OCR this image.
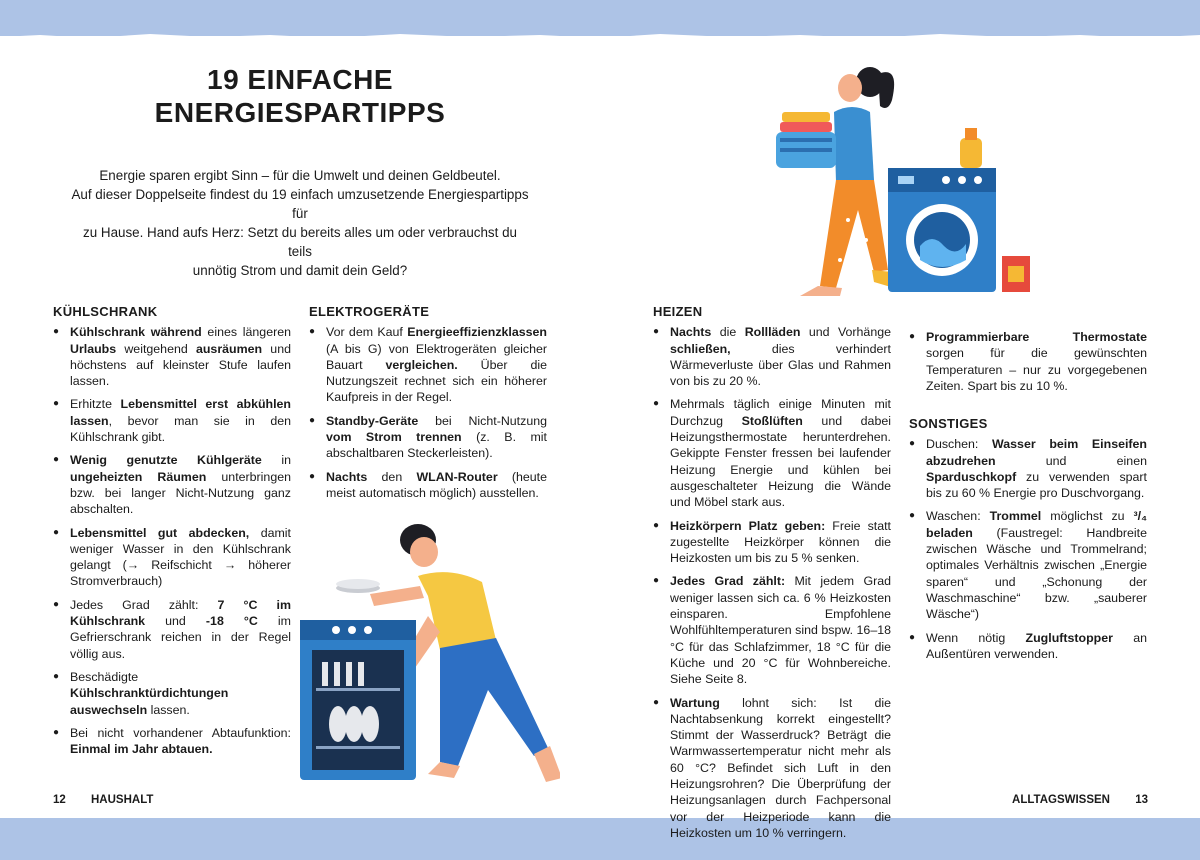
19 EINFACHE
ENERGIESPARTIPPS
Energie sparen ergibt Sinn – für die Umwelt und deinen Geldbeutel.
Auf dieser Doppelseite findest du 19 einfach umzusetzende Energiespartipps für
zu Hause. Hand aufs Herz: Setzt du bereits alles um oder verbrauchst du teils
unnötig Strom und damit dein Geld?
KÜHLSCHRANK
● Kühlschrank während eines längeren Urlaubs weitgehend ausräumen und höchstens auf kleinster Stufe laufen lassen.
● Erhitzte Lebensmittel erst abkühlen lassen, bevor man sie in den Kühlschrank gibt.
● Wenig genutzte Kühlgeräte in ungeheizten Räumen unterbringen bzw. bei langer Nicht-Nutzung ganz abschalten.
● Lebensmittel gut abdecken, damit weniger Wasser in den Kühlschrank gelangt (→ Reifschicht → höherer Stromverbrauch)
● Jedes Grad zählt: 7 °C im Kühlschrank und -18 °C im Gefrierschrank reichen in der Regel völlig aus.
● Beschädigte Kühlschranktürdichtungen auswechseln lassen.
● Bei nicht vorhandener Abtaufunktion: Einmal im Jahr abtauen.
ELEKTROGERÄTE
● Vor dem Kauf Energieeffizienzklassen (A bis G) von Elektrogeräten gleicher Bauart vergleichen. Über die Nutzungszeit rechnet sich ein höherer Kaufpreis in der Regel.
● Standby-Geräte bei Nicht-Nutzung vom Strom trennen (z. B. mit abschaltbaren Steckerleisten).
● Nachts den WLAN-Router (heute meist automatisch möglich) ausstellen.
HEIZEN
● Nachts die Rollläden und Vorhänge schließen, dies verhindert Wärmeverluste über Glas und Rahmen von bis zu 20 %.
● Mehrmals täglich einige Minuten mit Durchzug Stoßlüften und dabei Heizungsthermostate herunterdrehen. Gekippte Fenster fressen bei laufender Heizung Energie und kühlen bei ausgeschalteter Heizung die Wände und Möbel stark aus.
● Heizkörpern Platz geben: Freie statt zugestellte Heizkörper können die Heizkosten um bis zu 5 % senken.
● Jedes Grad zählt: Mit jedem Grad weniger lassen sich ca. 6 % Heizkosten einsparen. Empfohlene Wohlfühltemperaturen sind bspw. 16–18 °C für das Schlafzimmer, 18 °C für die Küche und 20 °C für Wohnbereiche. Siehe Seite 8.
● Wartung lohnt sich: Ist die Nachtabsenkung korrekt eingestellt? Stimmt der Wasserdruck? Beträgt die Warmwassertemperatur nicht mehr als 60 °C? Befindet sich Luft in den Heizungsrohren? Die Überprüfung der Heizungsanlagen durch Fachpersonal vor der Heizperiode kann die Heizkosten um 10 % verringern.
● Programmierbare Thermostate sorgen für die gewünschten Temperaturen – nur zu vorgegebenen Zeiten. Spart bis zu 10 %.
SONSTIGES
● Duschen: Wasser beim Einseifen abzudrehen und einen Sparduschkopf zu verwenden spart bis zu 60 % Energie pro Duschvorgang.
● Waschen: Trommel möglichst zu ³/₄ beladen (Faustregel: Handbreite zwischen Wäsche und Trommelrand; optimales Verhältnis zwischen „Energie sparen“ und „Schonung der Waschmaschine“ bzw. „sauberer Wäsche“)
● Wenn nötig Zugluftstopper an Außentüren verwenden.
12 HAUSHALT	ALLTAGSWISSEN 13
